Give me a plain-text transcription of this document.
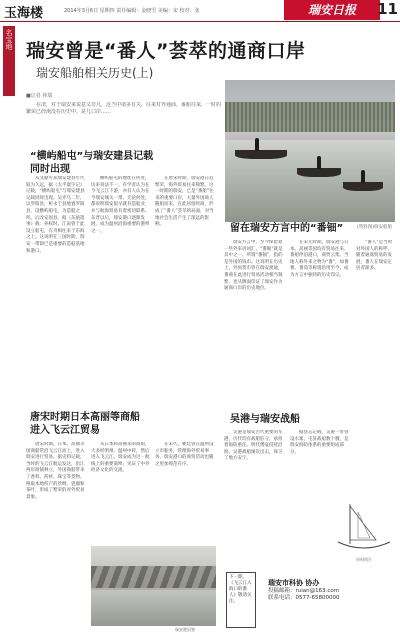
玉海楼	2014年3月6日 星期四 责任编辑：金晓雪 美编：宋 校对：张	瑞安日报	11
名宝地
瑞安曾是“番人”荟萃的通商口岸
瑞安船舶相关历史(上)
■记者 林瑞

在清，对于瑞安来说意义非凡，这当中诸多有关，往来对外通商，番船往来，一时的繁荣已经淹没在历史中。是几口岸……

(资料图)瑞安船舶
“横屿船屯”与瑞安建县记载
同时出现
留在瑞安方言中的“番钿”
唐宋时期日本高丽等商船
进入飞云江贸易
吴港与瑞安战船

从文献可知瑞安建县年代较为久远，据《太平寰宇记》记载，“横屿船屯”与瑞安建县记载同时出现。吴赤乌二年，以罗阳县，析永宁县地置罗阳县，设横屿船屯，为造船之所。后改安固县。据《东瓯遗事》载：孙权时，江南曾于此设立船屯，有舟楫往来于东海之上。这说明在三国时期，瑞安一带即已是重要的造船基地和港口。

横屿船屯的地址在何处，历来说法不一。有学者认为在今飞云江下游，亦有人认为在今瑞安城关一带。无论何处，都说明瑞安很早就有造船业，并与航海贸易有着密切联系。东晋以后，瑞安港口逐渐发展，成为温州沿海重要的港埠之一。

在唐宋时期，瑞安港日趋繁荣，海外贸易往来频繁。这一时期的瑞安，已是“番船”往来的重要口岸，大量外国商人随船而来，在此居留经商，形成了“番人”荟萃的局面，对当地社会生活产生了深远的影响。

瑞安方言中，至今保留着一些外来语词汇，“番钿”就是其中之一。所谓“番钿”，指的是外国的钱币。这说明在历史上，外国货币曾在瑞安流通，番商在此进行贸易活动相当频繁，也从侧面印证了瑞安作为通商口岸的历史地位。

在宋元时期，瑞安港与日本、高丽等国均有贸易往来，番船停泊港口，商贾云集。当地人称外来之物为“番”，如番薯、番茄等称谓沿用至今，成为方言中独特的历史印记。

“番人”是当时对外国人的称呼，随着通商贸易的发展，番人在瑞安定居者渐多。

唐宋时期，日本、高丽等国商船常沿飞云江而上，进入瑞安进行贸易。据史料记载，当时的飞云江航运发达，沿江两岸商铺林立，外国商船带来了香料、药材、珠宝等货物，换取本地所产的丝绸、瓷器和茶叶，形成了繁荣的对外贸易景象。

从日本和高丽来的商船，大多经明州、温州中转，然后进入飞云江。瑞安成为这一航线上的重要商埠，见证了中外经济文化的交流。

在宋代，朝廷曾在温州设立市舶务，管理海外贸易事务，瑞安港口的商贸活动也随之更加规范有序。

吴港是瑞安古代重要的军港，历代均有战船驻守，承担着海防重任。明代倭寇侵扰沿海，吴港战船屡次出击，保卫了地方安宁。

据县志记载，吴港一带曾设水寨，屯驻战船数十艘，是瑞安海防体系的重要组成部分。

瑞安港旧貌
资料图片
下一期，《飞云江入海口的番人》敬请关注。
瑞安市科协 协办
投稿邮箱：ruian@163.com
联系电话：0577-65800000
